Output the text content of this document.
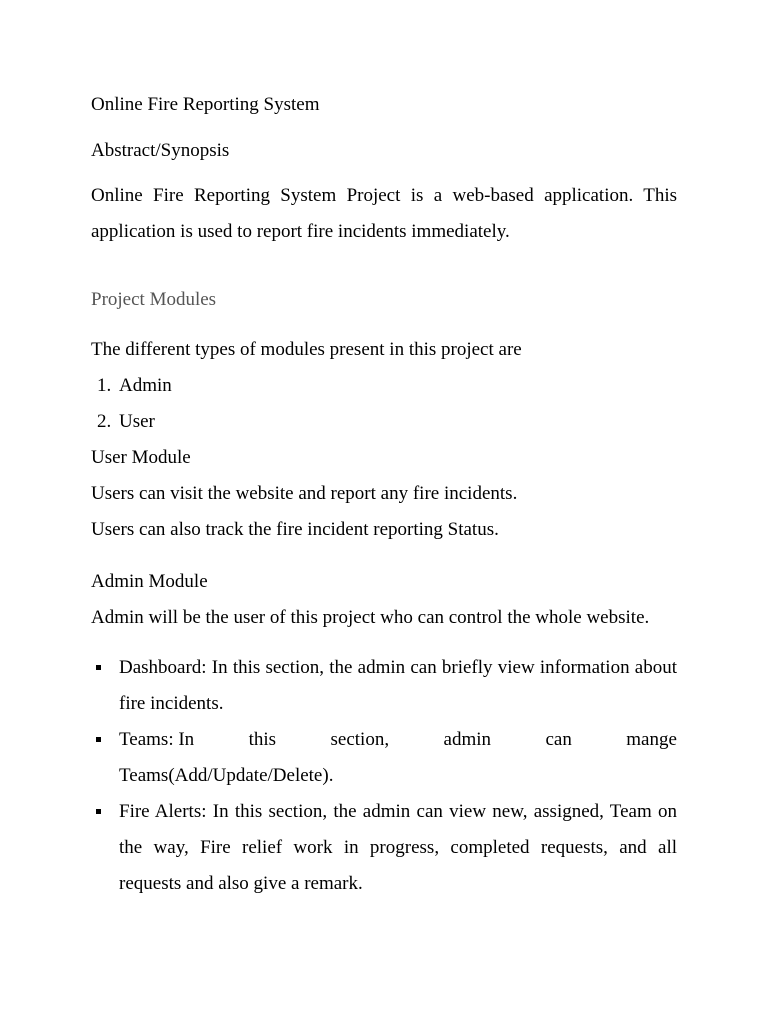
Online Fire Reporting System

Abstract/Synopsis

Online Fire Reporting System Project is a web-based application. This application is used to report fire incidents immediately.

Project Modules

The different types of modules present in this project are

1. Admin
2. User

User Module

Users can visit the website and report any fire incidents.

Users can also track the fire incident reporting Status.

Admin Module

Admin will be the user of this project who can control the whole website.

Dashboard: In this section, the admin can briefly view information about fire incidents.
Teams: In	this	section,	admin	can	mange
Teams(Add/Update/Delete).
Fire Alerts: In this section, the admin can view new, assigned, Team on the way, Fire relief work in progress, completed requests, and all requests and also give a remark.
